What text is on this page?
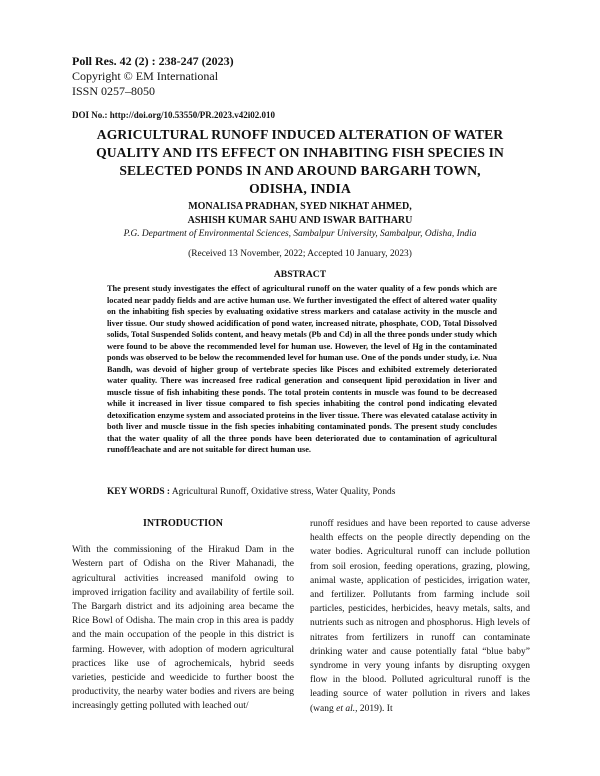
Poll Res. 42 (2) : 238-247 (2023)
Copyright © EM International
ISSN 0257–8050
DOI No.: http://doi.org/10.53550/PR.2023.v42i02.010
AGRICULTURAL RUNOFF INDUCED ALTERATION OF WATER
QUALITY AND ITS EFFECT ON INHABITING FISH SPECIES IN
SELECTED PONDS IN AND AROUND BARGARH TOWN,
ODISHA, INDIA
MONALISA PRADHAN, SYED NIKHAT AHMED,
ASHISH KUMAR SAHU AND ISWAR BAITHARU
P.G. Department of Environmental Sciences, Sambalpur University, Sambalpur, Odisha, India
(Received 13 November, 2022; Accepted 10 January, 2023)
ABSTRACT
The present study investigates the effect of agricultural runoff on the water quality of a few ponds which are located near paddy fields and are active human use. We further investigated the effect of altered water quality on the inhabiting fish species by evaluating oxidative stress markers and catalase activity in the muscle and liver tissue. Our study showed acidification of pond water, increased nitrate, phosphate, COD, Total Dissolved solids, Total Suspended Solids content, and heavy metals (Pb and Cd) in all the three ponds under study which were found to be above the recommended level for human use. However, the level of Hg in the contaminated ponds was observed to be below the recommended level for human use. One of the ponds under study, i.e. Nua Bandh, was devoid of higher group of vertebrate species like Pisces and exhibited extremely deteriorated water quality. There was increased free radical generation and consequent lipid peroxidation in liver and muscle tissue of fish inhabiting these ponds. The total protein contents in muscle was found to be decreased while it increased in liver tissue compared to fish species inhabiting the control pond indicating elevated detoxification enzyme system and associated proteins in the liver tissue. There was elevated catalase activity in both liver and muscle tissue in the fish species inhabiting contaminated ponds. The present study concludes that the water quality of all the three ponds have been deteriorated due to contamination of agricultural runoff/leachate and are not suitable for direct human use.
KEY WORDS : Agricultural Runoff, Oxidative stress, Water Quality, Ponds
INTRODUCTION

With the commissioning of the Hirakud Dam in the Western part of Odisha on the River Mahanadi, the agricultural activities increased manifold owing to improved irrigation facility and availability of fertile soil. The Bargarh district and its adjoining area became the Rice Bowl of Odisha. The main crop in this area is paddy and the main occupation of the people in this district is farming. However, with adoption of modern agricultural practices like use of agrochemicals, hybrid seeds varieties, pesticide and weedicide to further boost the productivity, the nearby water bodies and rivers are being increasingly getting polluted with leached out/

runoff residues and have been reported to cause adverse health effects on the people directly depending on the water bodies. Agricultural runoff can include pollution from soil erosion, feeding operations, grazing, plowing, animal waste, application of pesticides, irrigation water, and fertilizer. Pollutants from farming include soil particles, pesticides, herbicides, heavy metals, salts, and nutrients such as nitrogen and phosphorus. High levels of nitrates from fertilizers in runoff can contaminate drinking water and cause potentially fatal “blue baby” syndrome in very young infants by disrupting oxygen flow in the blood. Polluted agricultural runoff is the leading source of water pollution in rivers and lakes (wang et al., 2019). It
